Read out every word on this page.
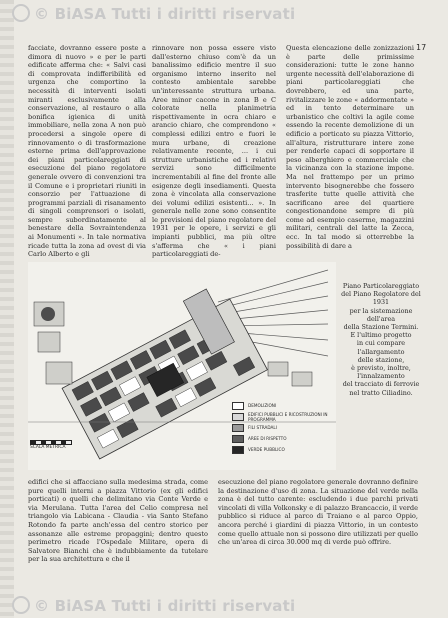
© BiASA Tutti i diritti riservati
17

facciate, dovranno essere poste a dimora di nuovo » e per le parti edificate afferma che: « Salvi casi di comprovata indifferibilità ed urgenza che comportino la necessità di interventi isolati miranti esclusivamente alla conservazione, al restauro o alla bonifica igienica di unità immobiliare, nella zona A non può procedersi a singole opere di rinnovamento o di trasformazione esterne prima dell'approvazione dei piani particolareggiati di esecuzione del piano regolatore generale ovvero di convenzioni tra il Comune e i proprietari riuniti in consorzio per l'attuazione di programmi parziali di risanamento di singoli comprensori o isolati, sempre subordinatamente al benestare della Sovraintendenza ai Monumenti ». In tale normativa ricade tutta la zona ad ovest di via Carlo Alberto e gli

rinnovare non possa essere visto dall'esterno chiuso com'è da un banalissimo edificio mentre il suo organismo interno inserito nel contesto ambientale sarebbe un'interessante struttura urbana. Aree minor cacone in zona B e C colorate nella planimetria rispettivamente in ocra chiaro e arancio chiaro, che comprendono « complessi edilizi entro e fuori le mura urbane, di creazione relativamente recente, ... i cui strutture urbanistiche ed i relativi servizi sono difficilmente incrementabili al fine del fronte alle esigenze degli insediamenti. Questa zona è vincolata alla conservazione dei volumi edilizi esistenti... ». In generale nelle zone sono consentite le previsioni del piano regolatore del 1931 per le opere, i servizi e gli impianti pubblici, ma più oltre s'afferma che « i piani particolareggiati de-

Questa elencazione delle zonizzazioni è parte delle primissime considerazioni: tutte le zone hanno urgente necessità dell'elaborazione di piani particolareggiati che dovrebbero, ed una parte, rivitalizzare le zone « addormentate » ed in tento determinare un urbanistico che coltivi la agile come essendo la recente demolizione di un edificio a porticato su piazza Vittorio, all'altura, ristrutturare intere zone per renderle capaci di sopportare il peso alberghiero e commerciale che la vicinanza con la stazione impone. Ma nel frattempo per un primo intervento bisognerebbe che fossero trasferite tutte quelle attività che sacrificano aree del quartiere congestionandone sempre di più come ad esempio caserme, magazzini militari, centrali del latte la Zecca, ecc. In tal modo si otterrebbe la possibilità di dare a

SCALA METRICA
DEMOLIZIONI
EDIFICI PUBBLICI E RICOSTRUZIONI IN PROGRAMMA
FILI STRADALI
AREE DI RISPETTO
VERDE PUBBLICO

Piano Particolareggiato

del Piano Regolatore del 1931

per la sistemazione

dell'area

della Stazione Termini.

E l'ultimo progetto

in cui compare l'allargamento

delle stazione,

è previsto, inoltre,

l'innalzamento

del tracciato di ferrovie

nel tratto Ciliadino.

edifici che si affacciano sulla medesima strada, come pure quelli interni a piazza Vittorio (ex gli edifici porticati) o quelli che delimitano via Conte Verde e via Merulana. Tutta l'area del Celio compresa nel triangolo via Labicana - Claudia - via Santo Stefano Rotondo fa parte anch'essa del centro storico per assonanze alle estreme propaggini; dentro questo perimetro ricade l'Ospedale Militare, opera di Salvatore Bianchi che è indubbiamente da tutelare per la sua architettura e che il

esecuzione del piano regolatore generale dovranno definire la destinazione d'uso di zona. La situazione del verde nella zona è del tutto carente: escludendo i due parchi privati vincolati di villa Volkonsky e di palazzo Brancaccio, il verde pubblico si riduce al parco di Traiano e al parco Oppio, ancora perché i giardini di piazza Vittorio, in un contesto come quello attuale non si possono dire utilizzati per quello che un'area di circa 30.000 mq di verde può offrire.

© BiASA Tutti i diritti riservati
